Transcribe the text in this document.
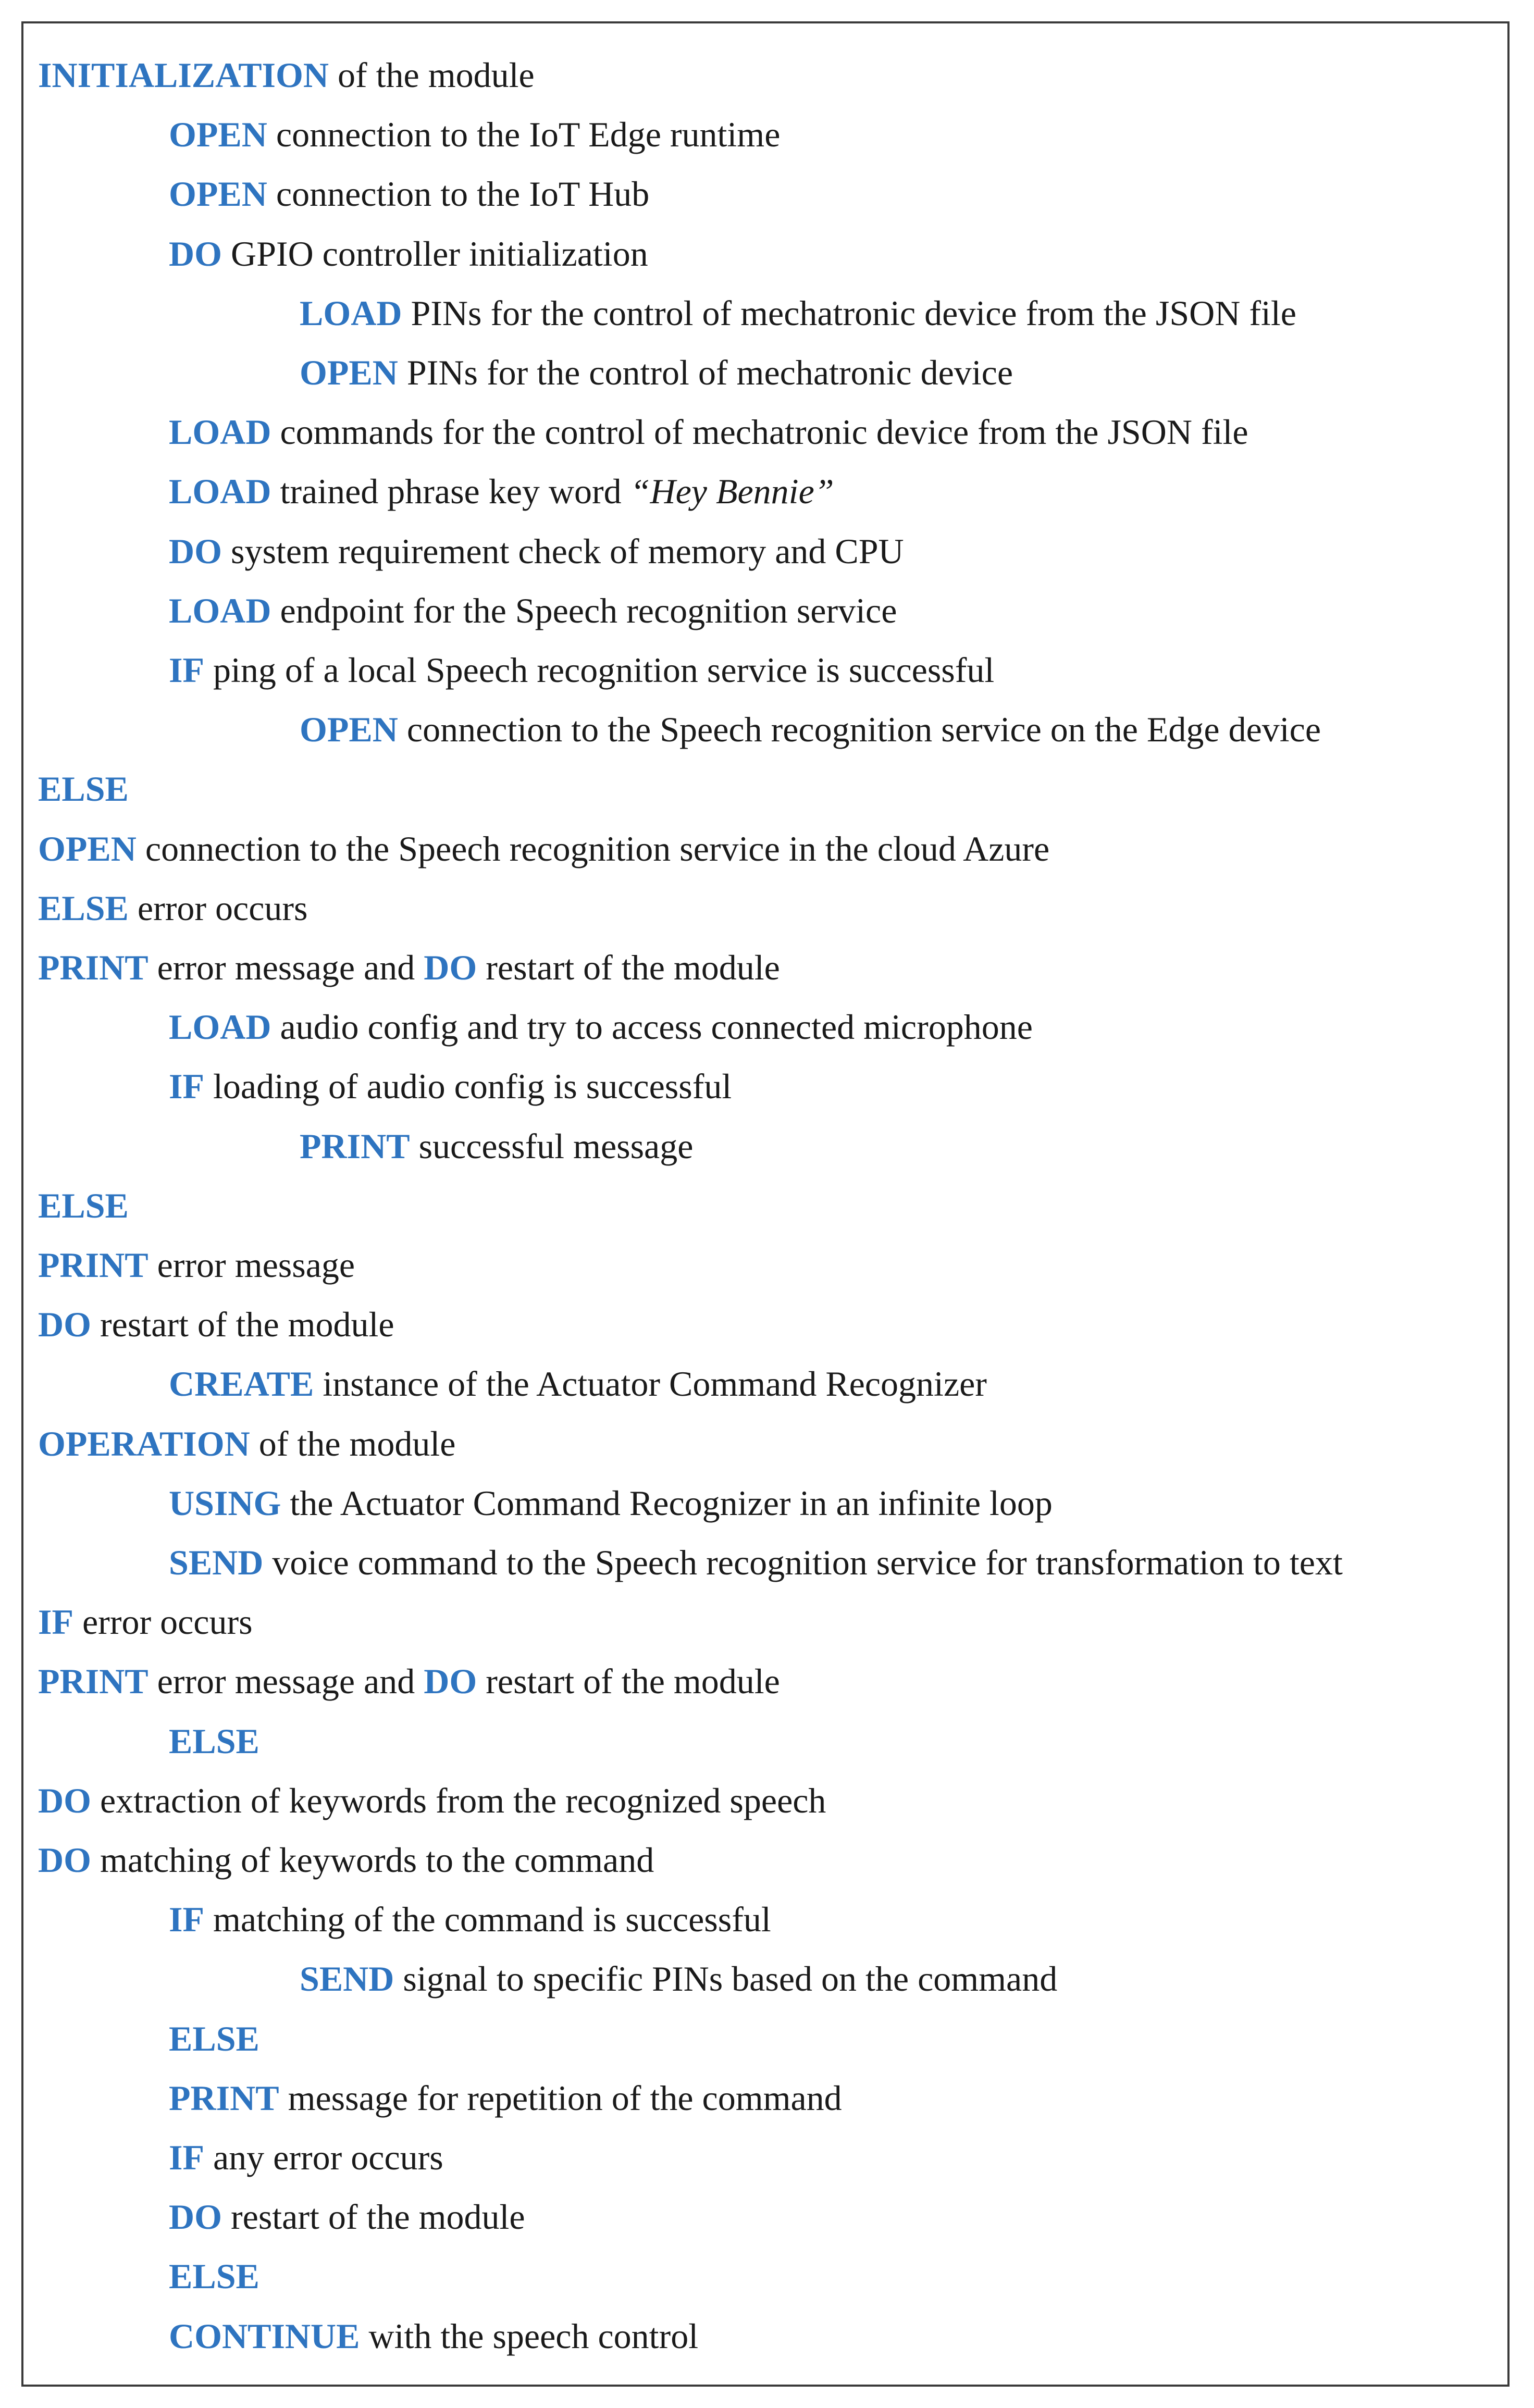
INITIALIZATION of the module
OPEN connection to the IoT Edge runtime
OPEN connection to the IoT Hub
DO GPIO controller initialization
LOAD PINs for the control of mechatronic device from the JSON file
OPEN PINs for the control of mechatronic device
LOAD commands for the control of mechatronic device from the JSON file
LOAD trained phrase key word “Hey Bennie”
DO system requirement check of memory and CPU
LOAD endpoint for the Speech recognition service
IF ping of a local Speech recognition service is successful
OPEN connection to the Speech recognition service on the Edge device
ELSE
OPEN connection to the Speech recognition service in the cloud Azure
ELSE error occurs
PRINT error message and DO restart of the module
LOAD audio config and try to access connected microphone
IF loading of audio config is successful
PRINT successful message
ELSE
PRINT error message
DO restart of the module
CREATE instance of the Actuator Command Recognizer
OPERATION of the module
USING the Actuator Command Recognizer in an infinite loop
SEND voice command to the Speech recognition service for transformation to text
IF error occurs
PRINT error message and DO restart of the module
ELSE
DO extraction of keywords from the recognized speech
DO matching of keywords to the command
IF matching of the command is successful
SEND signal to specific PINs based on the command
ELSE
PRINT message for repetition of the command
IF any error occurs
DO restart of the module
ELSE
CONTINUE with the speech control
